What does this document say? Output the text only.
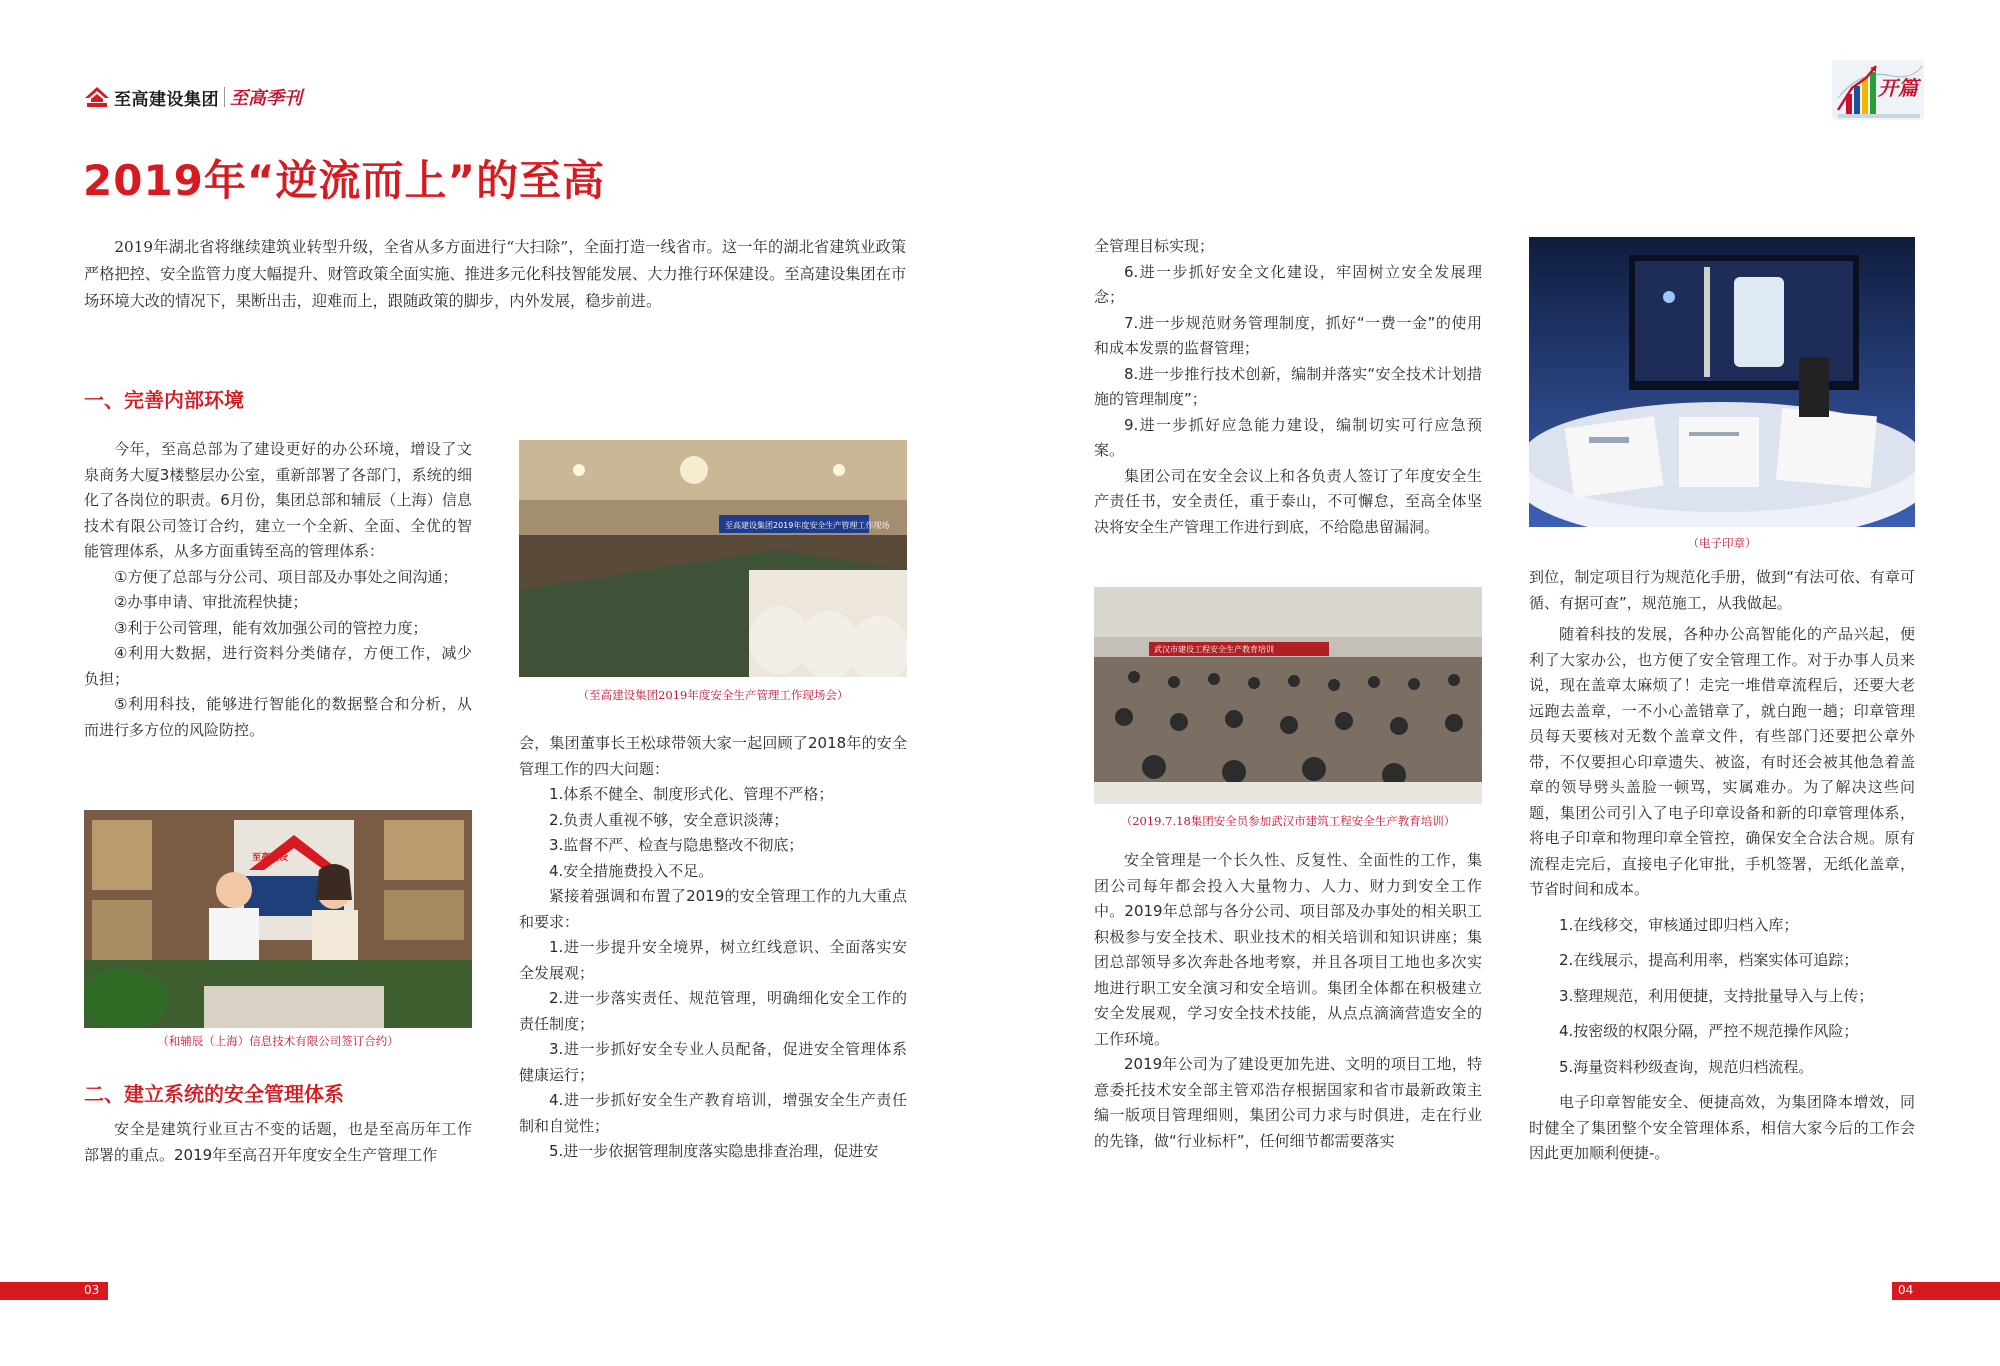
至高建设集团 至高季刊	开篇
2019年“逆流而上”的至高
2019年湖北省将继续建筑业转型升级，全省从多方面进行“大扫除”，全面打造一线省市。这一年的湖北省建筑业政策严格把控、安全监管力度大幅提升、财管政策全面实施、推进多元化科技智能发展、大力推行环保建设。至高建设集团在市场环境大改的情况下，果断出击，迎难而上，跟随政策的脚步，内外发展，稳步前进。
一、完善内部环境

今年，至高总部为了建设更好的办公环境，增设了文泉商务大厦3楼整层办公室，重新部署了各部门，系统的细化了各岗位的职责。6月份，集团总部和辅辰（上海）信息技术有限公司签订合约，建立一个全新、全面、全优的智能管理体系，从多方面重铸至高的管理体系：

①方便了总部与分公司、项目部及办事处之间沟通；

②办事申请、审批流程快捷；

③利于公司管理，能有效加强公司的管控力度；

④利用大数据，进行资料分类储存，方便工作，减少负担；

⑤利用科技，能够进行智能化的数据整合和分析，从而进行多方位的风险防控。

至高建设
（和辅辰（上海）信息技术有限公司签订合约）
二、建立系统的安全管理体系

安全是建筑行业亘古不变的话题，也是至高历年工作部署的重点。2019年至高召开年度安全生产管理工作

至高建设集团2019年度安全生产管理工作现场
（至高建设集团2019年度安全生产管理工作现场会）

会，集团董事长王松球带领大家一起回顾了2018年的安全管理工作的四大问题：

1.体系不健全、制度形式化、管理不严格；

2.负责人重视不够，安全意识淡薄；

3.监督不严、检查与隐患整改不彻底；

4.安全措施费投入不足。

紧接着强调和布置了2019的安全管理工作的九大重点和要求：

1.进一步提升安全境界，树立红线意识、全面落实安全发展观；

2.进一步落实责任、规范管理，明确细化安全工作的责任制度；

3.进一步抓好安全专业人员配备，促进安全管理体系健康运行；

4.进一步抓好安全生产教育培训，增强安全生产责任制和自觉性；

5.进一步依据管理制度落实隐患排查治理，促进安

全管理目标实现；

6.进一步抓好安全文化建设，牢固树立安全发展理念；

7.进一步规范财务管理制度，抓好“一费一金”的使用和成本发票的监督管理；

8.进一步推行技术创新，编制并落实“安全技术计划措施的管理制度”；

9.进一步抓好应急能力建设，编制切实可行应急预案。

集团公司在安全会议上和各负责人签订了年度安全生产责任书，安全责任，重于泰山，不可懈怠，至高全体坚决将安全生产管理工作进行到底，不给隐患留漏洞。

武汉市建设工程安全生产教育培训
（2019.7.18集团安全员参加武汉市建筑工程安全生产教育培训）

安全管理是一个长久性、反复性、全面性的工作，集团公司每年都会投入大量物力、人力、财力到安全工作中。2019年总部与各分公司、项目部及办事处的相关职工积极参与安全技术、职业技术的相关培训和知识讲座；集团总部领导多次奔赴各地考察，并且各项目工地也多次实地进行职工安全演习和安全培训。集团全体都在积极建立安全发展观，学习安全技术技能，从点点滴滴营造安全的工作环境。

2019年公司为了建设更加先进、文明的项目工地，特意委托技术安全部主管邓浩存根据国家和省市最新政策主编一版项目管理细则，集团公司力求与时俱进，走在行业的先锋，做“行业标杆”，任何细节都需要落实

（电子印章）

到位，制定项目行为规范化手册，做到“有法可依、有章可循、有据可查”，规范施工，从我做起。

随着科技的发展，各种办公高智能化的产品兴起，便利了大家办公，也方便了安全管理工作。对于办事人员来说，现在盖章太麻烦了！走完一堆借章流程后，还要大老远跑去盖章，一不小心盖错章了，就白跑一趟；印章管理员每天要核对无数个盖章文件，有些部门还要把公章外带，不仅要担心印章遗失、被盗，有时还会被其他急着盖章的领导劈头盖脸一顿骂，实属难办。为了解决这些问题，集团公司引入了电子印章设备和新的印章管理体系，将电子印章和物理印章全管控，确保安全合法合规。原有流程走完后，直接电子化审批，手机签署，无纸化盖章，节省时间和成本。

1.在线移交，审核通过即归档入库；

2.在线展示，提高利用率，档案实体可追踪；

3.整理规范，利用便捷，支持批量导入与上传；

4.按密级的权限分隔，严控不规范操作风险；

5.海量资料秒级查询，规范归档流程。

电子印章智能安全、便捷高效，为集团降本增效，同时健全了集团整个安全管理体系，相信大家今后的工作会因此更加顺利便捷-。

03	04
